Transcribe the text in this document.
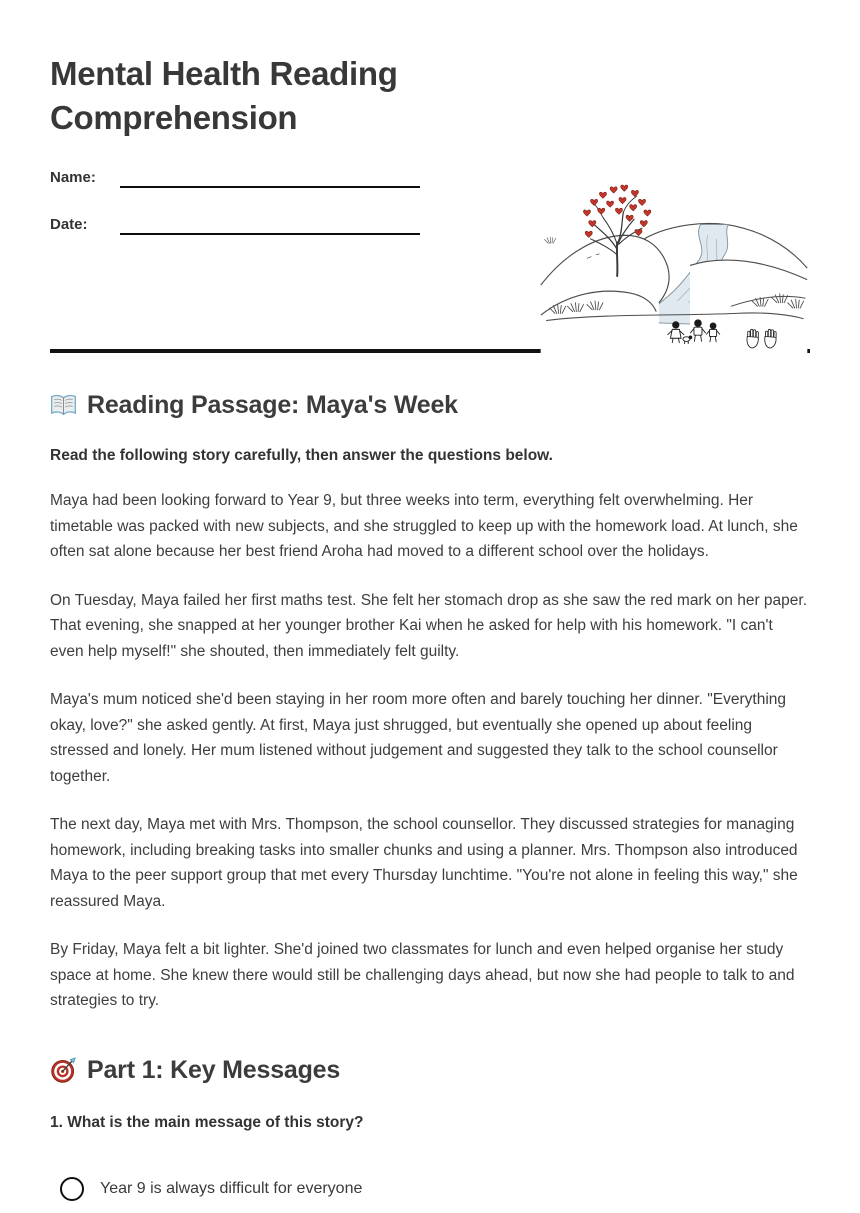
Mental Health Reading Comprehension
Name:
Date:
Reading Passage: Maya's Week

Read the following story carefully, then answer the questions below.

Maya had been looking forward to Year 9, but three weeks into term, everything felt overwhelming. Her timetable was packed with new subjects, and she struggled to keep up with the homework load. At lunch, she often sat alone because her best friend Aroha had moved to a different school over the holidays.

On Tuesday, Maya failed her first maths test. She felt her stomach drop as she saw the red mark on her paper. That evening, she snapped at her younger brother Kai when he asked for help with his homework. "I can't even help myself!" she shouted, then immediately felt guilty.

Maya's mum noticed she'd been staying in her room more often and barely touching her dinner. "Everything okay, love?" she asked gently. At first, Maya just shrugged, but eventually she opened up about feeling stressed and lonely. Her mum listened without judgement and suggested they talk to the school counsellor together.

The next day, Maya met with Mrs. Thompson, the school counsellor. They discussed strategies for managing homework, including breaking tasks into smaller chunks and using a planner. Mrs. Thompson also introduced Maya to the peer support group that met every Thursday lunchtime. "You're not alone in feeling this way," she reassured Maya.

By Friday, Maya felt a bit lighter. She'd joined two classmates for lunch and even helped organise her study space at home. She knew there would still be challenging days ahead, but now she had people to talk to and strategies to try.

Part 1: Key Messages

1. What is the main message of this story?

Year 9 is always difficult for everyone
